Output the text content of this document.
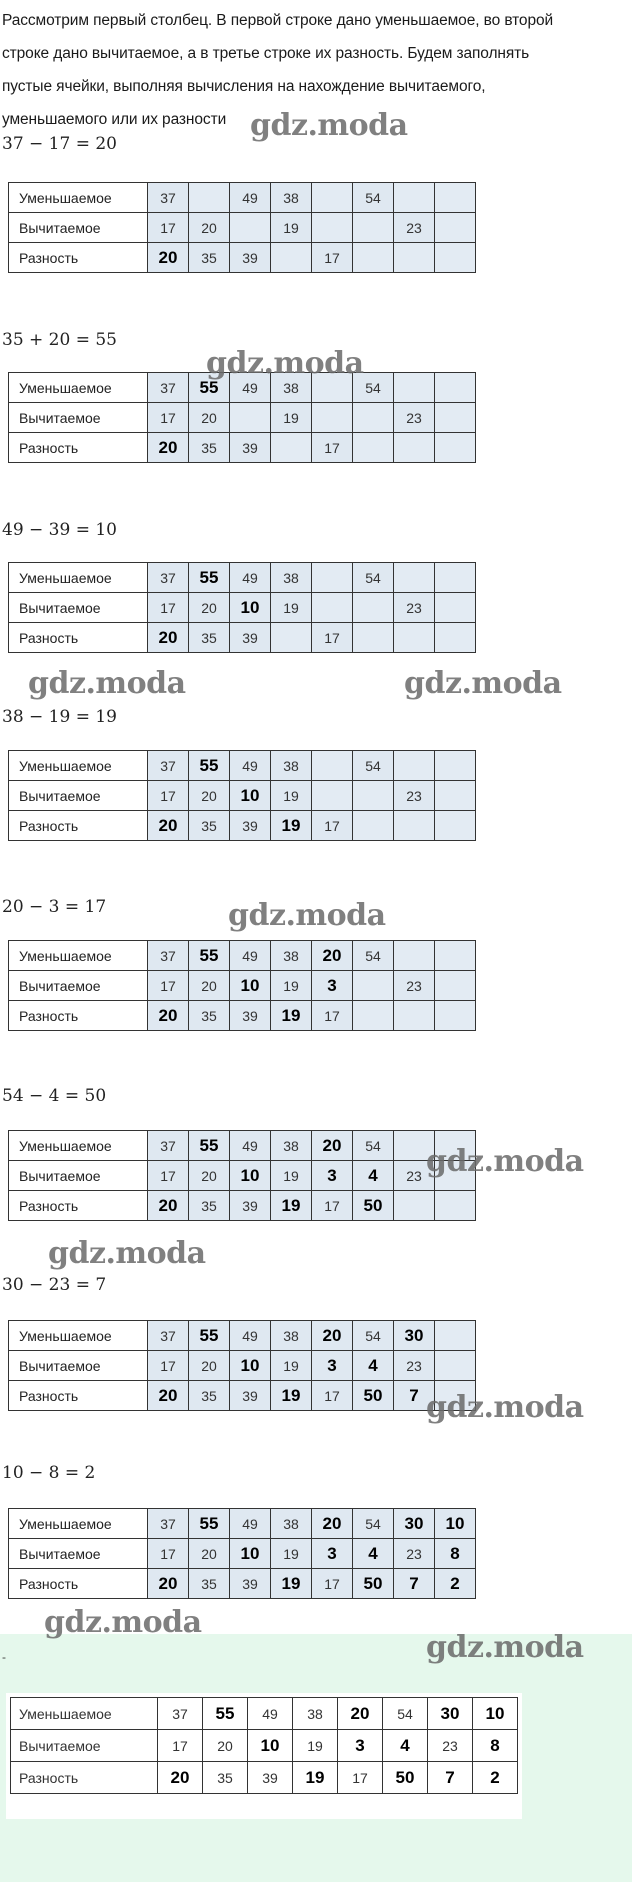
Рассмотрим первый столбец. В первой строке дано уменьшаемое, во второй
строке дано вычитаемое, а в третье строке их разность. Будем заполнять
пустые ячейки, выполняя вычисления на нахождение вычитаемого,
уменьшаемого или их разности
37 − 17 = 20
Уменьшаемое	37		49	38		54		
Вычитаемое	17	20		19			23	
Разность	20	35	39		17			
35 + 20 = 55
Уменьшаемое	37	55	49	38		54		
Вычитаемое	17	20		19			23	
Разность	20	35	39		17			
49 − 39 = 10
Уменьшаемое	37	55	49	38		54		
Вычитаемое	17	20	10	19			23	
Разность	20	35	39		17			
38 − 19 = 19
Уменьшаемое	37	55	49	38		54		
Вычитаемое	17	20	10	19			23	
Разность	20	35	39	19	17			
20 − 3 = 17
Уменьшаемое	37	55	49	38	20	54		
Вычитаемое	17	20	10	19	3		23	
Разность	20	35	39	19	17			
54 − 4 = 50
Уменьшаемое	37	55	49	38	20	54		
Вычитаемое	17	20	10	19	3	4	23	
Разность	20	35	39	19	17	50		
30 − 23 = 7
Уменьшаемое	37	55	49	38	20	54	30	
Вычитаемое	17	20	10	19	3	4	23	
Разность	20	35	39	19	17	50	7	
10 − 8 = 2
Уменьшаемое	37	55	49	38	20	54	30	10
Вычитаемое	17	20	10	19	3	4	23	8
Разность	20	35	39	19	17	50	7	2
-
Уменьшаемое	37	55	49	38	20	54	30	10
Вычитаемое	17	20	10	19	3	4	23	8
Разность	20	35	39	19	17	50	7	2
gdz.moda
gdz.moda
gdz.moda	gdz.moda
gdz.moda
gdz.moda
gdz.moda
gdz.moda
gdz.moda
gdz.moda
